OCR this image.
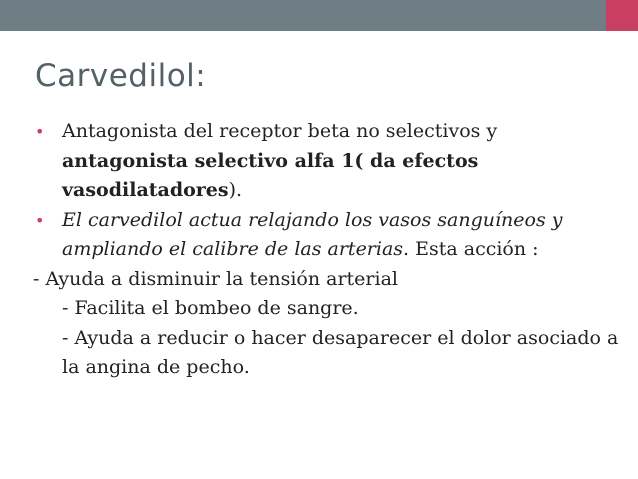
Carvedilol:
• Antagonista del receptor beta no selectivos y antagonista selectivo alfa 1( da efectos vasodilatadores).
• El carvedilol actua relajando los vasos sanguíneos y ampliando el calibre de las arterias. Esta acción :
- Ayuda a disminuir la tensión arterial
- Facilita el bombeo de sangre.
- Ayuda a reducir o hacer desaparecer el dolor asociado a la angina de pecho.
